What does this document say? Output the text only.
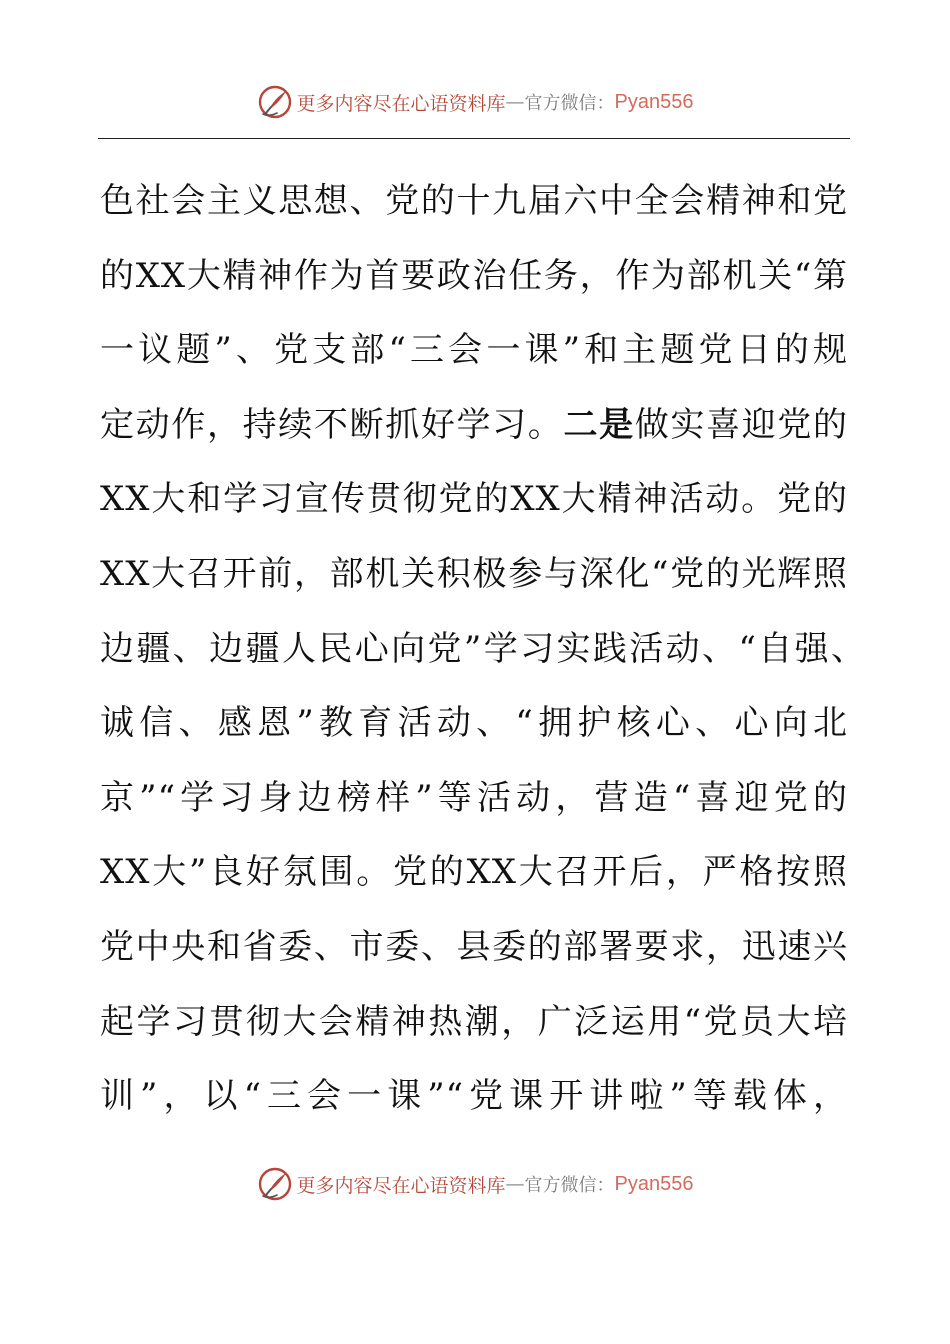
更多内容尽在心语资料库 — 官方微信： Pyan556
色社会主义思想、党的十九届六中全会精神和党
的XX大精神作为首要政治任务，作为部机关“第
一议题”、党支部“三会一课”和主题党日的规
定动作，持续不断抓好学习。二是做实喜迎党的
XX大和学习宣传贯彻党的XX大精神活动。党的
XX大召开前，部机关积极参与深化“党的光辉照
边疆、边疆人民心向党”学习实践活动、“自强、
诚信、感恩”教育活动、“拥护核心、心向北
京”“学习身边榜样”等活动，营造“喜迎党的
XX大”良好氛围。党的XX大召开后，严格按照
党中央和省委、市委、县委的部署要求，迅速兴
起学习贯彻大会精神热潮，广泛运用“党员大培
训”，以“三会一课”“党课开讲啦”等载体，
更多内容尽在心语资料库 — 官方微信： Pyan556
